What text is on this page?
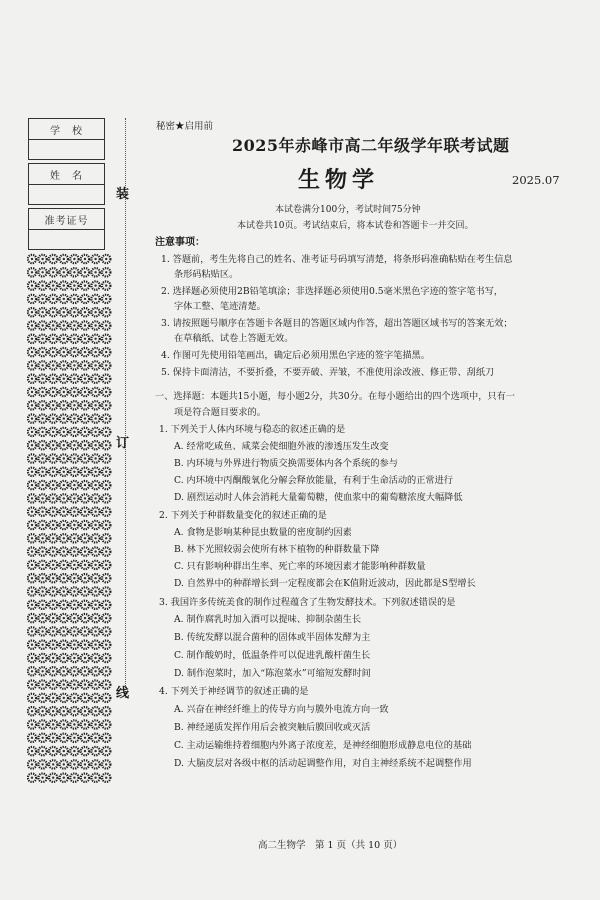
学　校
姓　名
准考证号
装
订
线
秘密★启用前
2025年赤峰市高二年级学年联考试题
生物学	2025.07
本试卷满分100分，考试时间75分钟
本试卷共10页。考试结束后，将本试卷和答题卡一并交回。
注意事项：
1. 答题前，考生先将自己的姓名、准考证号码填写清楚，将条形码准确粘贴在考生信息
条形码粘贴区。
2. 选择题必须使用2B铅笔填涂；非选择题必须使用0.5毫米黑色字迹的签字笔书写，
字体工整、笔迹清楚。
3. 请按照题号顺序在答题卡各题目的答题区域内作答，超出答题区域书写的答案无效；
在草稿纸、试卷上答题无效。
4. 作图可先使用铅笔画出，确定后必须用黑色字迹的签字笔描黑。
5. 保持卡面清洁，不要折叠，不要弄破、弄皱，不准使用涂改液、修正带、刮纸刀
一、选择题：本题共15小题，每小题2分，共30分。在每小题给出的四个选项中，只有一
项是符合题目要求的。
1. 下列关于人体内环境与稳态的叙述正确的是
A. 经常吃咸鱼、咸菜会使细胞外液的渗透压发生改变
B. 内环境与外界进行物质交换需要体内各个系统的参与
C. 内环境中丙酮酸氧化分解会释放能量，有利于生命活动的正常进行
D. 剧烈运动时人体会消耗大量葡萄糖，使血浆中的葡萄糖浓度大幅降低
2. 下列关于种群数量变化的叙述正确的是
A. 食物是影响某种昆虫数量的密度制约因素
B. 林下光照较弱会使所有林下植物的种群数量下降
C. 只有影响种群出生率、死亡率的环境因素才能影响种群数量
D. 自然界中的种群增长到一定程度都会在K值附近波动，因此都是S型增长
3. 我国许多传统美食的制作过程蕴含了生物发酵技术。下列叙述错误的是
A. 制作腐乳时加入酒可以提味、抑制杂菌生长
B. 传统发酵以混合菌种的固体或半固体发酵为主
C. 制作酸奶时，低温条件可以促进乳酸杆菌生长
D. 制作泡菜时，加入“陈泡菜水”可缩短发酵时间
4. 下列关于神经调节的叙述正确的是
A. 兴奋在神经纤维上的传导方向与膜外电流方向一致
B. 神经递质发挥作用后会被突触后膜回收或灭活
C. 主动运输维持着细胞内外离子浓度差，是神经细胞形成静息电位的基础
D. 大脑皮层对各级中枢的活动起调整作用，对自主神经系统不起调整作用
高二生物学　第 1 页（共 10 页）
